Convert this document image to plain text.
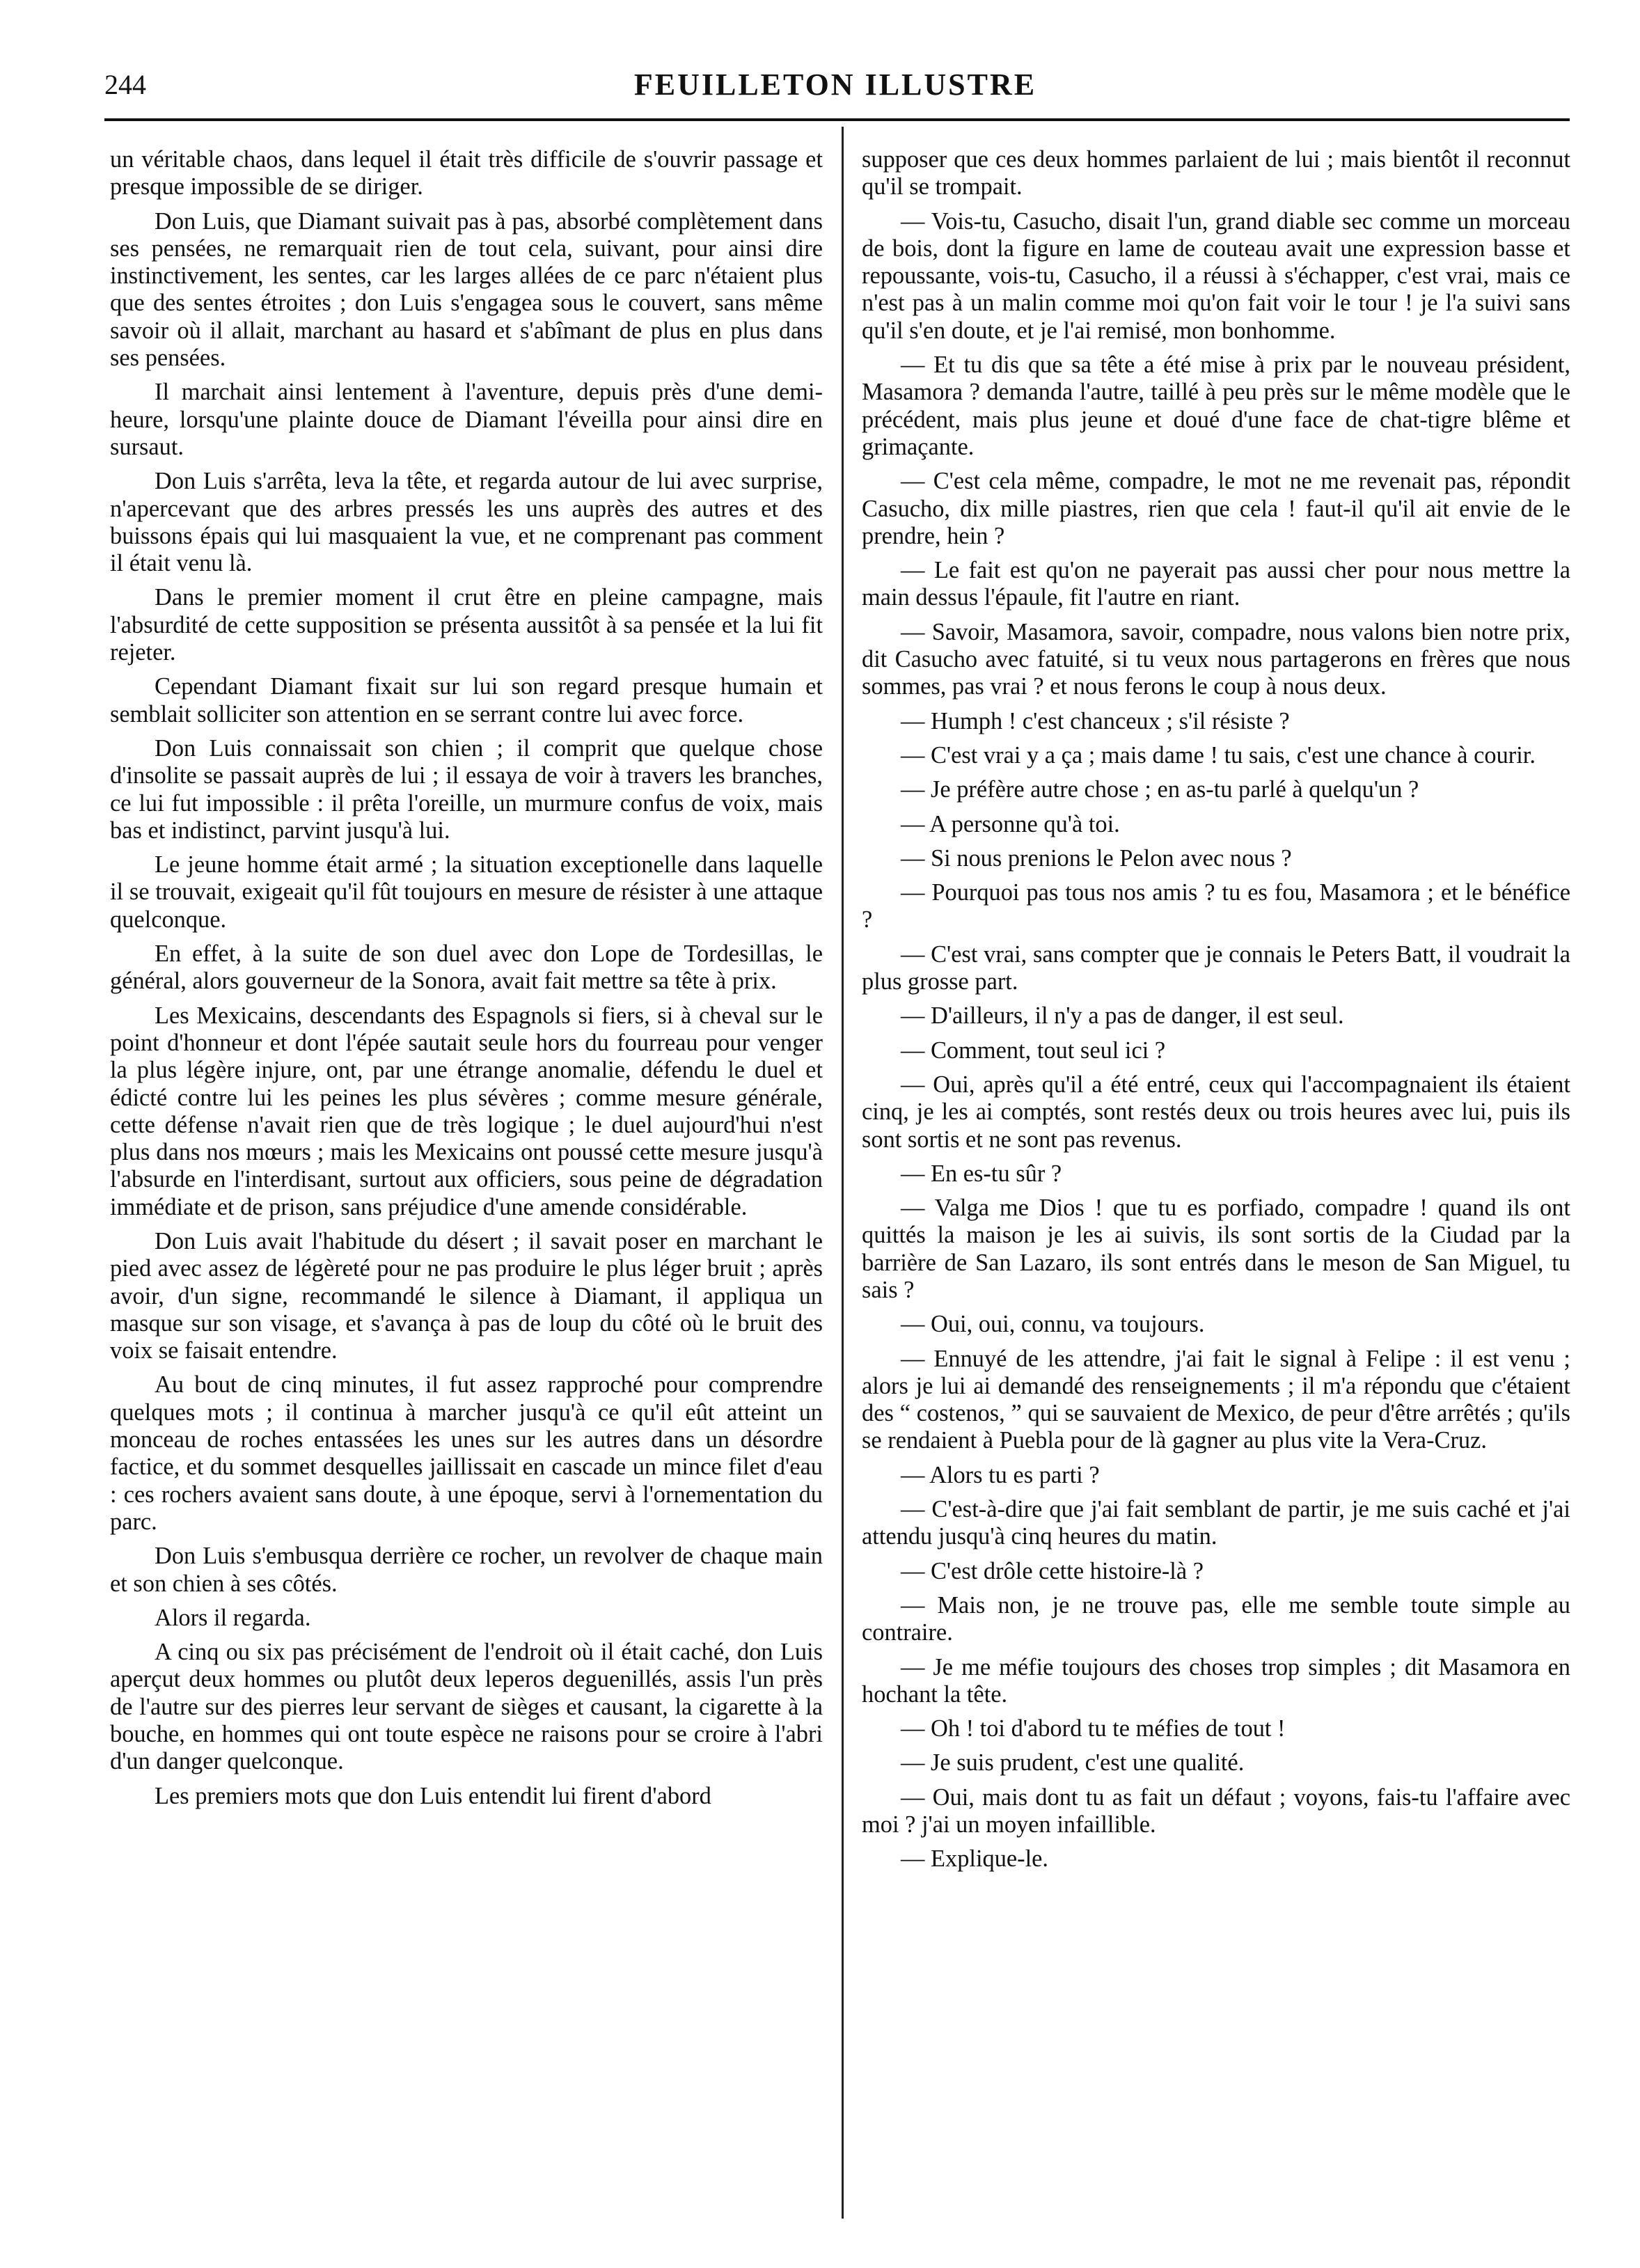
244	FEUILLETON ILLUSTRE

un véritable chaos, dans lequel il était très difficile de s'ouvrir passage et presque impossible de se diriger.

Don Luis, que Diamant suivait pas à pas, absorbé complètement dans ses pensées, ne remarquait rien de tout cela, suivant, pour ainsi dire instinctivement, les sentes, car les larges allées de ce parc n'étaient plus que des sentes étroites ; don Luis s'engagea sous le couvert, sans même savoir où il allait, marchant au hasard et s'abîmant de plus en plus dans ses pensées.

Il marchait ainsi lentement à l'aventure, depuis près d'une demi-heure, lorsqu'une plainte douce de Diamant l'éveilla pour ainsi dire en sursaut.

Don Luis s'arrêta, leva la tête, et regarda autour de lui avec surprise, n'apercevant que des arbres pressés les uns auprès des autres et des buissons épais qui lui masquaient la vue, et ne comprenant pas comment il était venu là.

Dans le premier moment il crut être en pleine campagne, mais l'absurdité de cette supposition se présenta aussitôt à sa pensée et la lui fit rejeter.

Cependant Diamant fixait sur lui son regard presque humain et semblait solliciter son attention en se serrant contre lui avec force.

Don Luis connaissait son chien ; il comprit que quelque chose d'insolite se passait auprès de lui ; il essaya de voir à travers les branches, ce lui fut impossible : il prêta l'oreille, un murmure confus de voix, mais bas et indistinct, parvint jusqu'à lui.

Le jeune homme était armé ; la situation exceptionelle dans laquelle il se trouvait, exigeait qu'il fût toujours en mesure de résister à une attaque quelconque.

En effet, à la suite de son duel avec don Lope de Tordesillas, le général, alors gouverneur de la Sonora, avait fait mettre sa tête à prix.

Les Mexicains, descendants des Espagnols si fiers, si à cheval sur le point d'honneur et dont l'épée sautait seule hors du fourreau pour venger la plus légère injure, ont, par une étrange anomalie, défendu le duel et édicté contre lui les peines les plus sévères ; comme mesure générale, cette défense n'avait rien que de très logique ; le duel aujourd'hui n'est plus dans nos mœurs ; mais les Mexicains ont poussé cette mesure jusqu'à l'absurde en l'interdisant, surtout aux officiers, sous peine de dégradation immédiate et de prison, sans préjudice d'une amende considérable.

Don Luis avait l'habitude du désert ; il savait poser en marchant le pied avec assez de légèreté pour ne pas produire le plus léger bruit ; après avoir, d'un signe, recommandé le silence à Diamant, il appliqua un masque sur son visage, et s'avança à pas de loup du côté où le bruit des voix se faisait entendre.

Au bout de cinq minutes, il fut assez rapproché pour comprendre quelques mots ; il continua à marcher jusqu'à ce qu'il eût atteint un monceau de roches entassées les unes sur les autres dans un désordre factice, et du sommet desquelles jaillissait en cascade un mince filet d'eau : ces rochers avaient sans doute, à une époque, servi à l'ornementation du parc.

Don Luis s'embusqua derrière ce rocher, un revolver de chaque main et son chien à ses côtés.

Alors il regarda.

A cinq ou six pas précisément de l'endroit où il était caché, don Luis aperçut deux hommes ou plutôt deux leperos deguenillés, assis l'un près de l'autre sur des pierres leur servant de sièges et causant, la cigarette à la bouche, en hommes qui ont toute espèce ne raisons pour se croire à l'abri d'un danger quelconque.

Les premiers mots que don Luis entendit lui firent d'abord

supposer que ces deux hommes parlaient de lui ; mais bientôt il reconnut qu'il se trompait.

— Vois-tu, Casucho, disait l'un, grand diable sec comme un morceau de bois, dont la figure en lame de couteau avait une expression basse et repoussante, vois-tu, Casucho, il a réussi à s'échapper, c'est vrai, mais ce n'est pas à un malin comme moi qu'on fait voir le tour ! je l'a suivi sans qu'il s'en doute, et je l'ai remisé, mon bonhomme.

— Et tu dis que sa tête a été mise à prix par le nouveau président, Masamora ? demanda l'autre, taillé à peu près sur le même modèle que le précédent, mais plus jeune et doué d'une face de chat-tigre blême et grimaçante.

— C'est cela même, compadre, le mot ne me revenait pas, répondit Casucho, dix mille piastres, rien que cela ! faut-il qu'il ait envie de le prendre, hein ?

— Le fait est qu'on ne payerait pas aussi cher pour nous mettre la main dessus l'épaule, fit l'autre en riant.

— Savoir, Masamora, savoir, compadre, nous valons bien notre prix, dit Casucho avec fatuité, si tu veux nous partagerons en frères que nous sommes, pas vrai ? et nous ferons le coup à nous deux.

— Humph ! c'est chanceux ; s'il résiste ?

— C'est vrai y a ça ; mais dame ! tu sais, c'est une chance à courir.

— Je préfère autre chose ; en as-tu parlé à quelqu'un ?

— A personne qu'à toi.

— Si nous prenions le Pelon avec nous ?

— Pourquoi pas tous nos amis ? tu es fou, Masamora ; et le bénéfice ?

— C'est vrai, sans compter que je connais le Peters Batt, il voudrait la plus grosse part.

— D'ailleurs, il n'y a pas de danger, il est seul.

— Comment, tout seul ici ?

— Oui, après qu'il a été entré, ceux qui l'accompagnaient ils étaient cinq, je les ai comptés, sont restés deux ou trois heures avec lui, puis ils sont sortis et ne sont pas revenus.

— En es-tu sûr ?

— Valga me Dios ! que tu es porfiado, compadre ! quand ils ont quittés la maison je les ai suivis, ils sont sortis de la Ciudad par la barrière de San Lazaro, ils sont entrés dans le meson de San Miguel, tu sais ?

— Oui, oui, connu, va toujours.

— Ennuyé de les attendre, j'ai fait le signal à Felipe : il est venu ; alors je lui ai demandé des renseignements ; il m'a répondu que c'étaient des “ costenos, ” qui se sauvaient de Mexico, de peur d'être arrêtés ; qu'ils se rendaient à Puebla pour de là gagner au plus vite la Vera-Cruz.

— Alors tu es parti ?

— C'est-à-dire que j'ai fait semblant de partir, je me suis caché et j'ai attendu jusqu'à cinq heures du matin.

— C'est drôle cette histoire-là ?

— Mais non, je ne trouve pas, elle me semble toute simple au contraire.

— Je me méfie toujours des choses trop simples ; dit Masamora en hochant la tête.

— Oh ! toi d'abord tu te méfies de tout !

— Je suis prudent, c'est une qualité.

— Oui, mais dont tu as fait un défaut ; voyons, fais-tu l'affaire avec moi ? j'ai un moyen infaillible.

— Explique-le.
